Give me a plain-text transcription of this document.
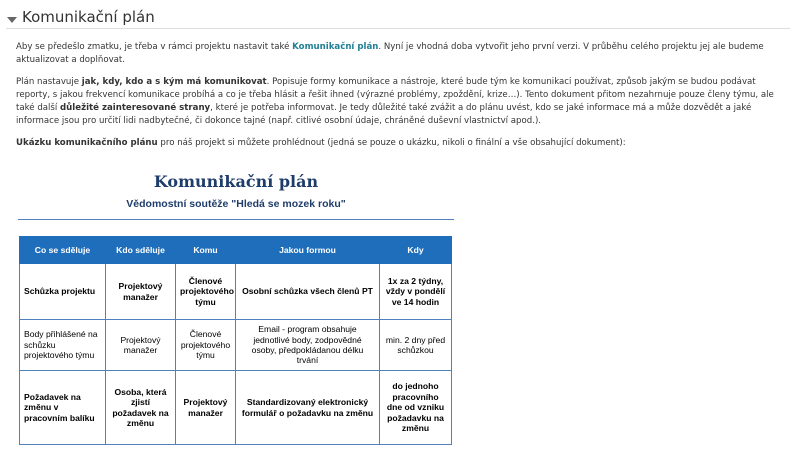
Komunikační plán

Aby se předešlo zmatku, je třeba v rámci projektu nastavit také Komunikační plán. Nyní je vhodná doba vytvořit jeho první verzi. V průběhu celého projektu jej ale budeme aktualizovat a doplňovat.

Plán nastavuje jak, kdy, kdo a s kým má komunikovat. Popisuje formy komunikace a nástroje, které bude tým ke komunikaci používat, způsob jakým se budou podávat reporty, s jakou frekvencí komunikace probíhá a co je třeba hlásit a řešit ihned (výrazné problémy, zpoždění, krize…). Tento dokument přitom nezahrnuje pouze členy týmu, ale také další důležité zainteresované strany, které je potřeba informovat. Je tedy důležité také zvážit a do plánu uvést, kdo se jaké informace má a může dozvědět a jaké informace jsou pro určití lidi nadbytečné, či dokonce tajné (např. citlivé osobní údaje, chráněné duševní vlastnictví apod.).

Ukázku komunikačního plánu pro náš projekt si můžete prohlédnout (jedná se pouze o ukázku, nikoli o finální a vše obsahující dokument):

Komunikační plán
Vědomostní soutěže "Hledá se mozek roku"
Co se sděluje	Kdo sděluje	Komu	Jakou formou	Kdy
Schůzka projektu	Projektový manažer	Členové projektového týmu	Osobní schůzka všech členů PT	1x za 2 týdny, vždy v pondělí ve 14 hodin
Body přihlášené na schůzku projektového týmu	Projektový manažer	Členové projektového týmu	Email - program obsahuje jednotlivé body, zodpovědné osoby, předpokládanou délku trvání	min. 2 dny před schůzkou
Požadavek na změnu v pracovním balíku	Osoba, která zjistí požadavek na změnu	Projektový manažer	Standardizovaný elektronický formulář o požadavku na změnu	do jednoho pracovního dne od vzniku požadavku na změnu
